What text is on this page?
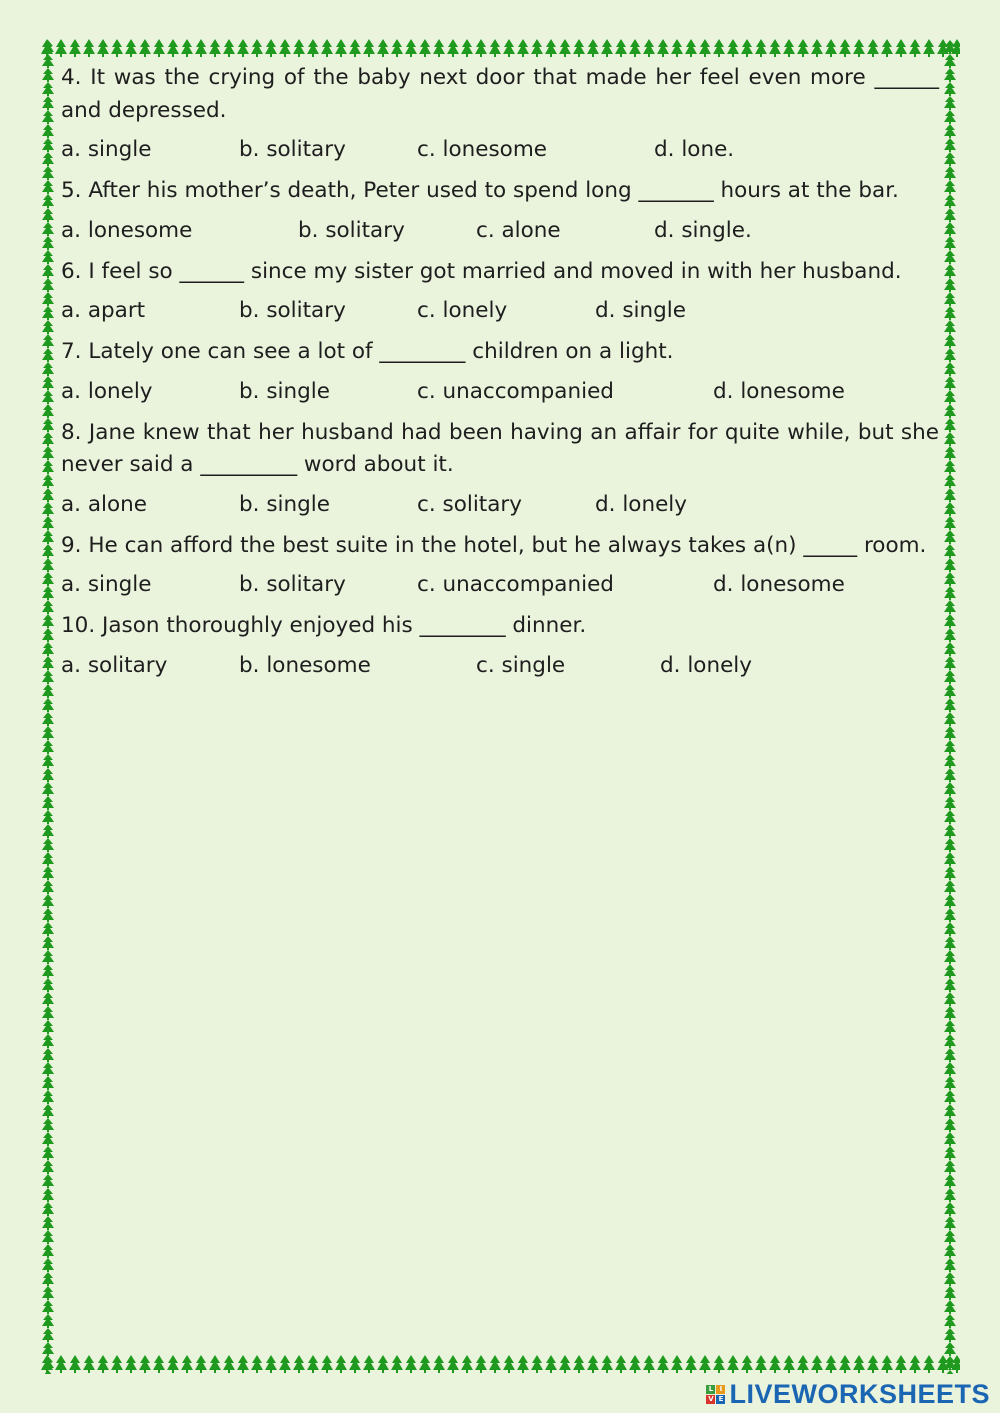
4. It was the crying of the baby next door that made her feel even more ______ and depressed.

a. single	b. solitary	c. lonesome	d. lone.

5. After his mother’s death, Peter used to spend long _______ hours at the bar.

a. lonesome	b. solitary	c. alone	d. single.

6. I feel so ______ since my sister got married and moved in with her husband.

a. apart	b. solitary	c. lonely	d. single

7. Lately one can see a lot of ________ children on a light.

a. lonely	b. single	c. unaccompanied	d. lonesome

8. Jane knew that her husband had been having an affair for quite while, but she never said a _________ word about it.

a. alone	b. single	c. solitary	d. lonely

9. He can afford the best suite in the hotel, but he always takes a(n) _____ room.

a. single	b. solitary	c. unaccompanied	d. lonesome

10. Jason thoroughly enjoyed his ________ dinner.

a. solitary	b. lonesome	c. single	d. lonely
L I
V E LIVEWORKSHEETS
